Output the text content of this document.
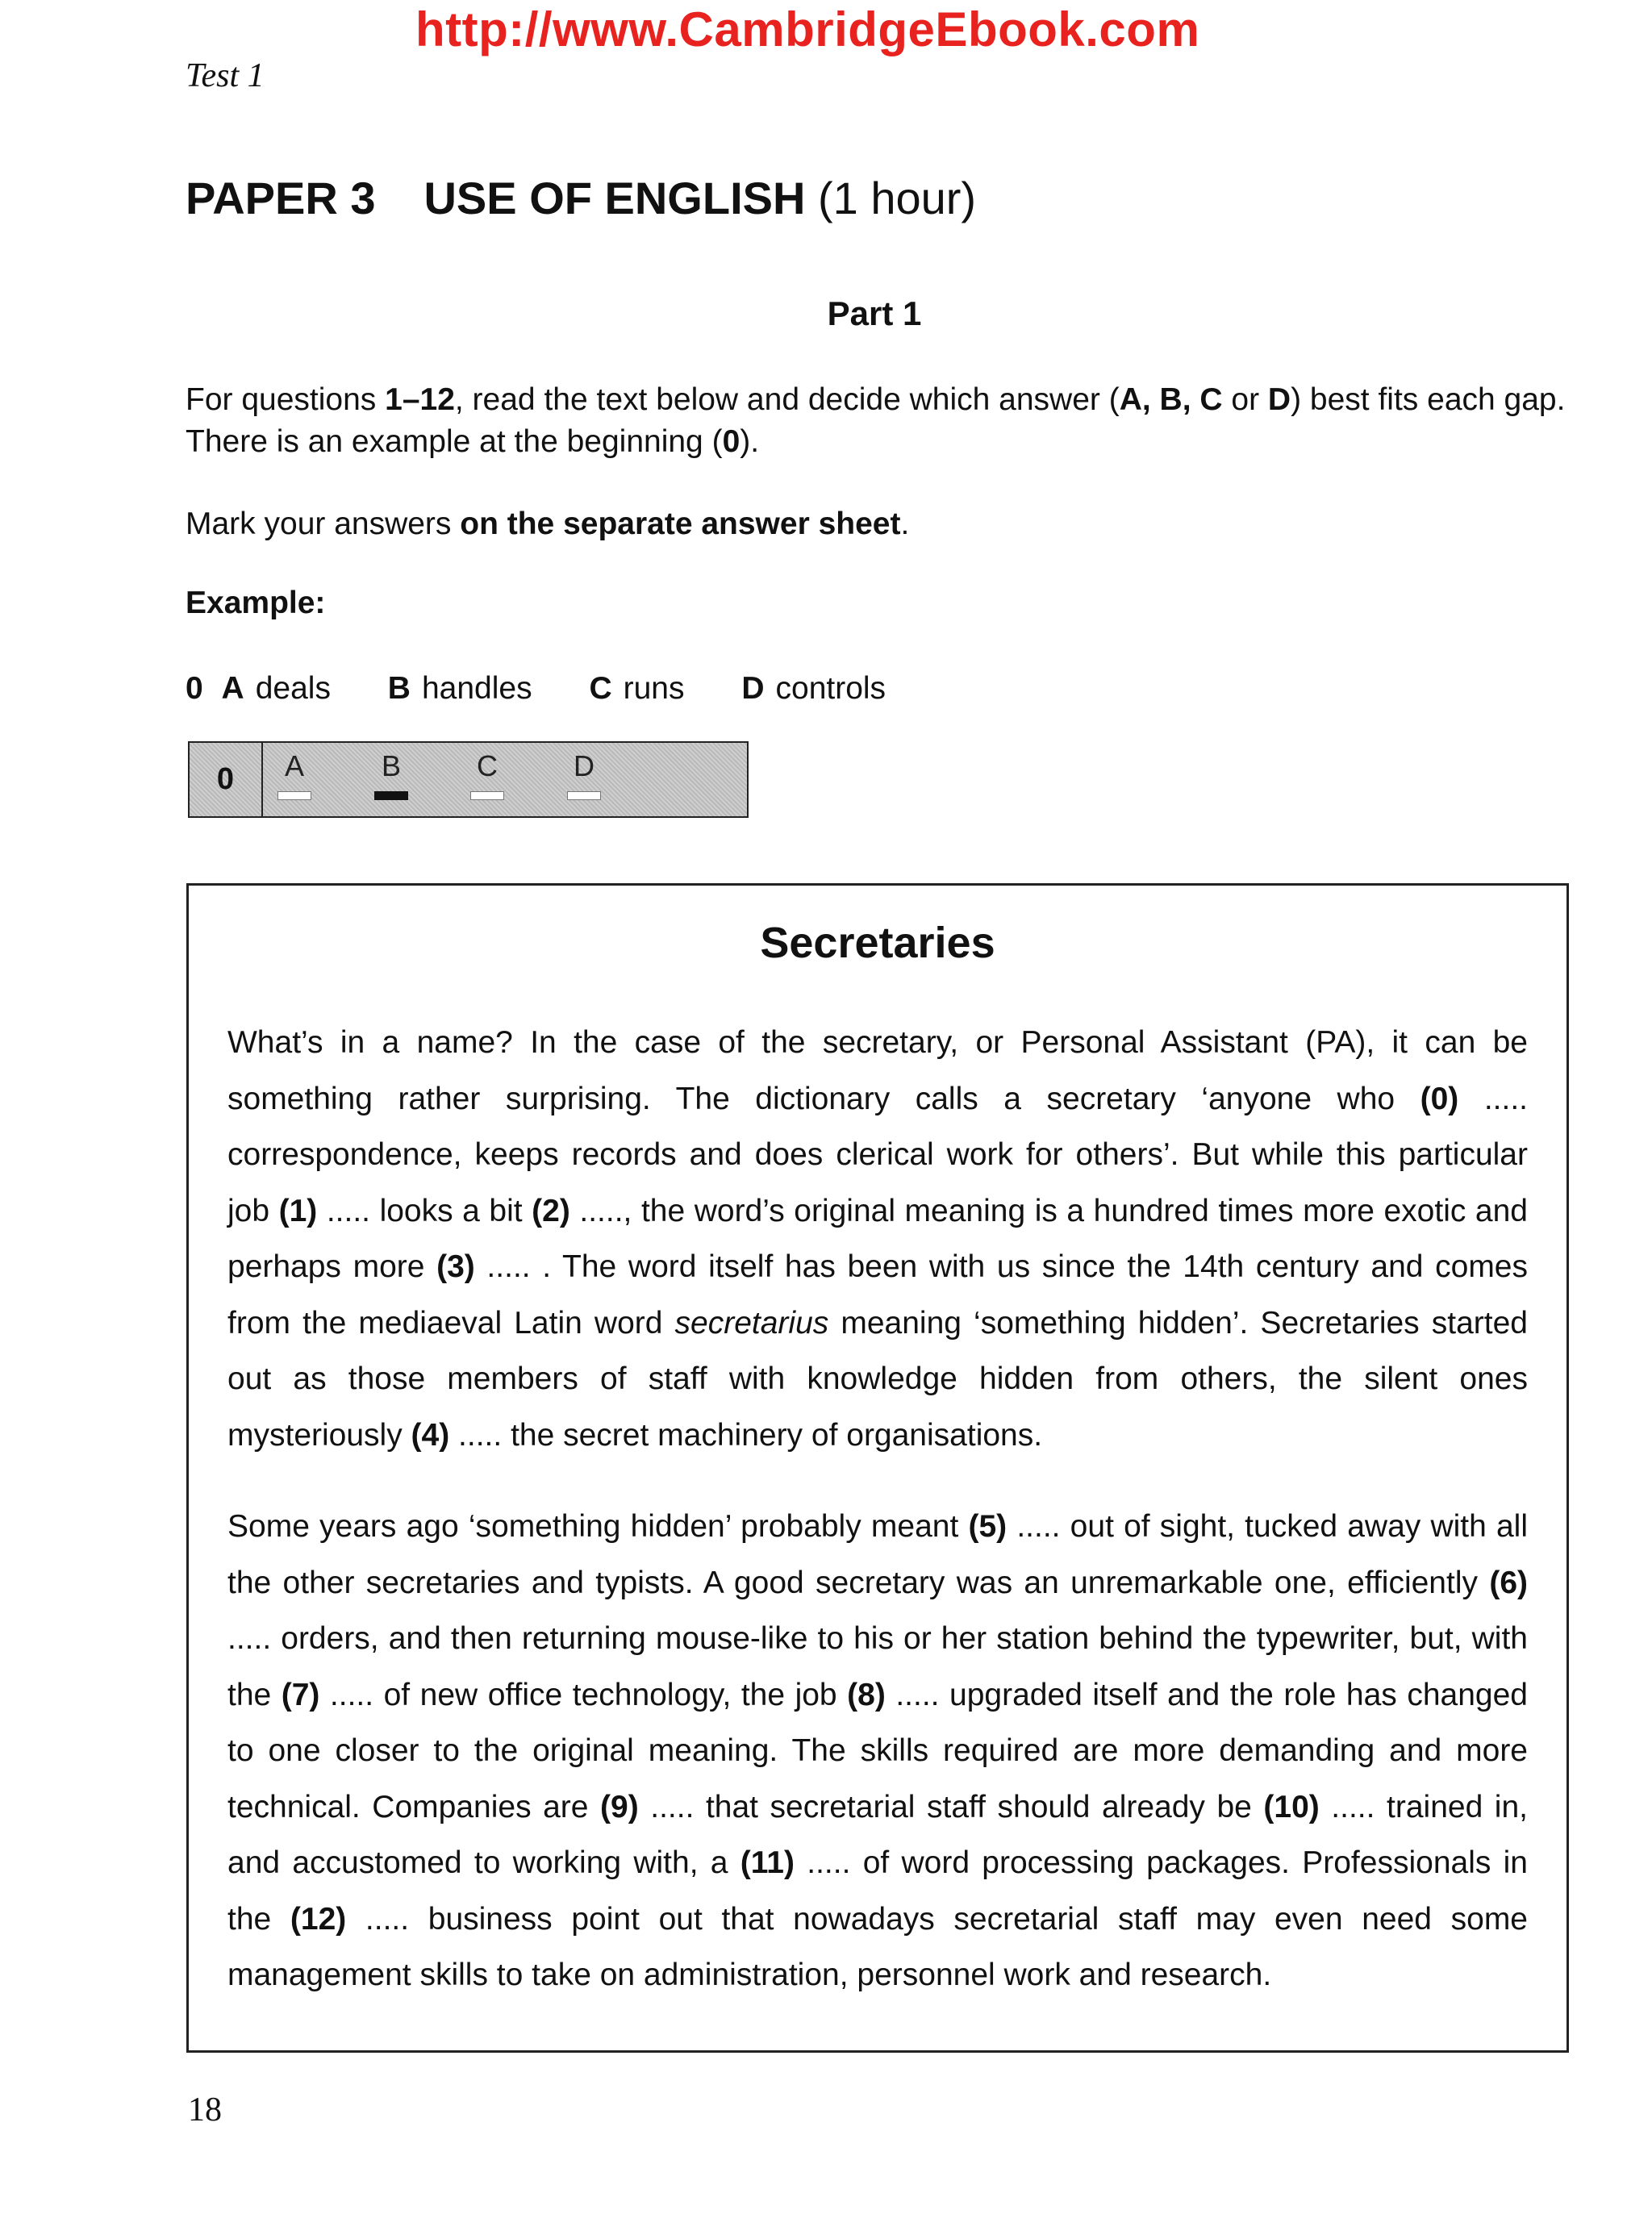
http://www.CambridgeEbook.com
Test 1
PAPER 3 USE OF ENGLISH (1 hour)
Part 1
For questions 1–12, read the text below and decide which answer (A, B, C or D) best fits each gap. There is an example at the beginning (0).
Mark your answers on the separate answer sheet.
Example:
0 A deals B handles C runs D controls
0	A	B	C	D
Secretaries
What’s in a name? In the case of the secretary, or Personal Assistant (PA), it can be something rather surprising. The dictionary calls a secretary ‘anyone who (0) ..... correspondence, keeps records and does clerical work for others’. But while this particular job (1) ..... looks a bit (2) ....., the word’s original meaning is a hundred times more exotic and perhaps more (3) ..... . The word itself has been with us since the 14th century and comes from the mediaeval Latin word secretarius meaning ‘something hidden’. Secretaries started out as those members of staff with knowledge hidden from others, the silent ones mysteriously (4) ..... the secret machinery of organisations.
Some years ago ‘something hidden’ probably meant (5) ..... out of sight, tucked away with all the other secretaries and typists. A good secretary was an unremarkable one, efficiently (6) ..... orders, and then returning mouse-like to his or her station behind the typewriter, but, with the (7) ..... of new office technology, the job (8) ..... upgraded itself and the role has changed to one closer to the original meaning. The skills required are more demanding and more technical. Companies are (9) ..... that secretarial staff should already be (10) ..... trained in, and accustomed to working with, a (11) ..... of word processing packages. Professionals in the (12) ..... business point out that nowadays secretarial staff may even need some management skills to take on administration, personnel work and research.
18
